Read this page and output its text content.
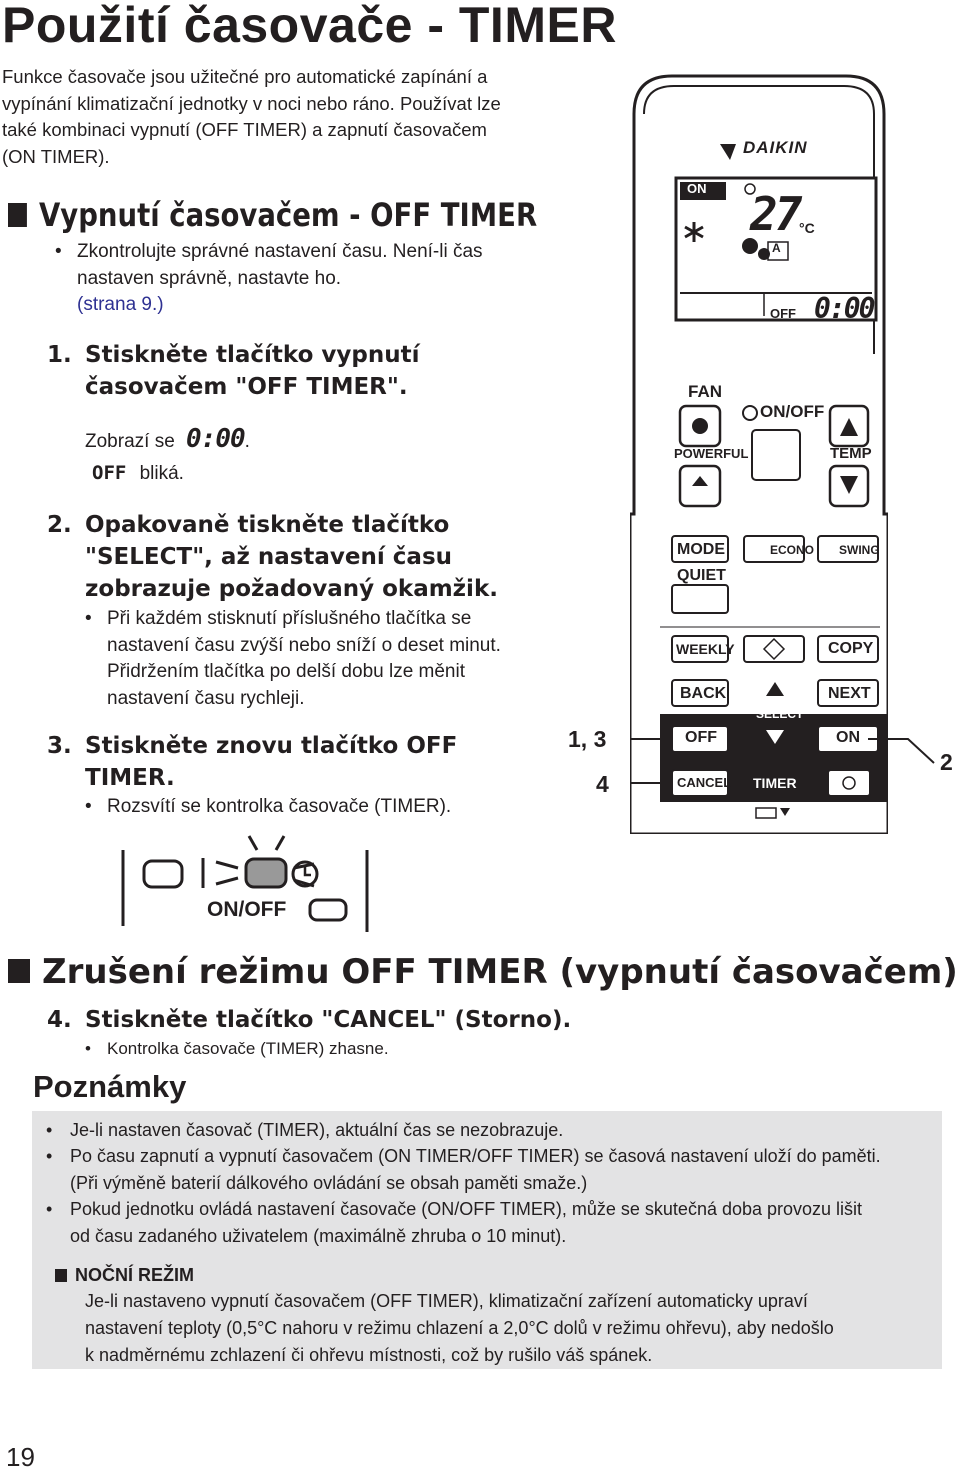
Použití časovače - TIMER
Funkce časovače jsou užitečné pro automatické zapínání a vypínání klimatizační jednotky v noci nebo ráno. Používat lze také kombinaci vypnutí (OFF TIMER) a zapnutí časovačem (ON TIMER).
Vypnutí časovačem - OFF TIMER
• Zkontrolujte správné nastavení času. Není-li čas nastaven správně, nastavte ho.
(strana 9.)
1. Stiskněte tlačítko vypnutí
časovačem "OFF TIMER".
Zobrazí se 0:00.
OFF bliká.
2. Opakovaně tiskněte tlačítko
"SELECT", až nastavení času
zobrazuje požadovaný okamžik.
• Při každém stisknutí příslušného tlačítka se nastavení času zvýší nebo sníží o deset minut. Přidržením tlačítka po delší dobu lze měnit nastavení času rychleji.
3. Stiskněte znovu tlačítko OFF
TIMER.
• Rozsvítí se kontrolka časovače (TIMER).
ON/OFF
DAIKIN
ON 27 °C
A
OFF 0:00
FAN
ON/OFF
POWERFUL	TEMP
MODE	ECONO SWING
QUIET
WEEKLY	COPY
BACK	NEXT
SELECT
OFF	ON
CANCEL TIMER
1, 3
4
2
Zrušení režimu OFF TIMER (vypnutí časovačem)
4. Stiskněte tlačítko "CANCEL" (Storno).
• Kontrolka časovače (TIMER) zhasne.
Poznámky
• Je-li nastaven časovač (TIMER), aktuální čas se nezobrazuje.
• Po času zapnutí a vypnutí časovačem (ON TIMER/OFF TIMER) se časová nastavení uloží do paměti.
(Při výměně baterií dálkového ovládání se obsah paměti smaže.)
• Pokud jednotku ovládá nastavení časovače (ON/OFF TIMER), může se skutečná doba provozu lišit
od času zadaného uživatelem (maximálně zhruba o 10 minut).
NOČNÍ REŽIM
Je-li nastaveno vypnutí časovačem (OFF TIMER), klimatizační zařízení automaticky upraví
nastavení teploty (0,5°C nahoru v režimu chlazení a 2,0°C dolů v režimu ohřevu), aby nedošlo
k nadměrnému zchlazení či ohřevu místnosti, což by rušilo váš spánek.
19
